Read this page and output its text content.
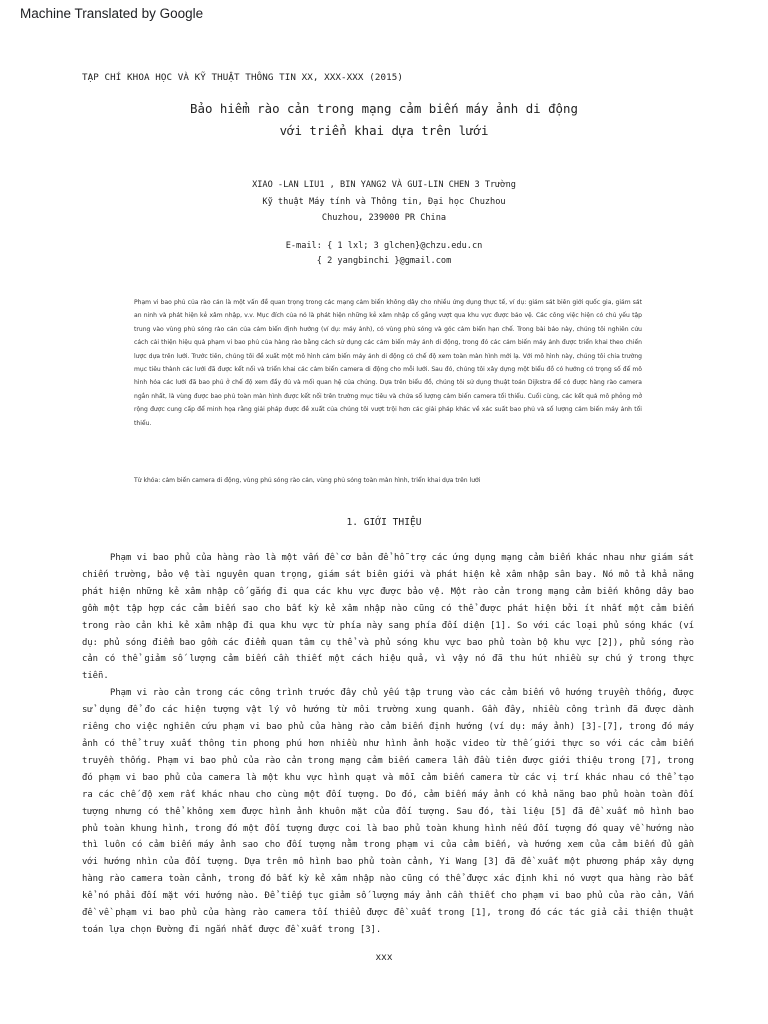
Machine Translated by Google
TẠP CHÍ KHOA HỌC VÀ KỸ THUẬT THÔNG TIN XX, XXX-XXX (2015)
Bảo hiểm rào cản trong mạng cảm biến máy ảnh di động
với triển khai dựa trên lưới
XIAO -LAN LIU1 , BIN YANG2 VÀ GUI-LIN CHEN 3 Trường
Kỹ thuật Máy tính và Thông tin, Đại học Chuzhou
Chuzhou, 239000 PR China
E-mail: { 1 lxl; 3 glchen}@chzu.edu.cn
{ 2 yangbinchi }@gmail.com
Phạm vi bao phủ của rào cản là một vấn đề quan trọng trong các mạng cảm biến không dây cho nhiều ứng dụng thực tế, ví dụ: giám sát biên giới quốc gia, giám sát an ninh và phát hiện kẻ xâm nhập, v.v. Mục đích của nó là phát hiện những kẻ xâm nhập cố gắng vượt qua khu vực được bảo vệ. Các công việc hiện có chủ yếu tập trung vào vùng phủ sóng rào cản của cảm biến định hướng (ví dụ: máy ảnh), có vùng phủ sóng và góc cảm biến hạn chế. Trong bài báo này, chúng tôi nghiên cứu cách cải thiện hiệu quả phạm vi bao phủ của hàng rào bằng cách sử dụng các cảm biến máy ảnh di động, trong đó các cảm biến máy ảnh được triển khai theo chiến lược dựa trên lưới. Trước tiên, chúng tôi đề xuất một mô hình cảm biến máy ảnh di động có chế độ xem toàn màn hình mới lạ. Với mô hình này, chúng tôi chia trường mục tiêu thành các lưới đã được kết nối và triển khai các cảm biến camera di động cho mỗi lưới. Sau đó, chúng tôi xây dựng một biểu đồ có hướng có trọng số để mô hình hóa các lưới đã bao phủ ở chế độ xem đầy đủ và mối quan hệ của chúng. Dựa trên biểu đồ, chúng tôi sử dụng thuật toán Dijkstra để có được hàng rào camera ngắn nhất, là vùng được bao phủ toàn màn hình được kết nối trên trường mục tiêu và chứa số lượng cảm biến camera tối thiểu. Cuối cùng, các kết quả mô phỏng mở rộng được cung cấp để minh họa rằng giải pháp được đề xuất của chúng tôi vượt trội hơn các giải pháp khác về xác suất bao phủ và số lượng cảm biến máy ảnh tối thiểu.
Từ khóa: cảm biến camera di động, vùng phủ sóng rào cản, vùng phủ sóng toàn màn hình, triển khai dựa trên lưới
1. GIỚI THIỆU

Phạm vi bao phủ của hàng rào là một vấn đề cơ bản để hỗ trợ các ứng dụng mạng cảm biến khác nhau như giám sát chiến trường, bảo vệ tài nguyên quan trọng, giám sát biên giới và phát hiện kẻ xâm nhập sân bay. Nó mô tả khả năng phát hiện những kẻ xâm nhập cố gắng đi qua các khu vực được bảo vệ. Một rào cản trong mạng cảm biến không dây bao gồm một tập hợp các cảm biến sao cho bất kỳ kẻ xâm nhập nào cũng có thể được phát hiện bởi ít nhất một cảm biến trong rào cản khi kẻ xâm nhập đi qua khu vực từ phía này sang phía đối diện [1]. So với các loại phủ sóng khác (ví dụ: phủ sóng điểm bao gồm các điểm quan tâm cụ thể và phủ sóng khu vực bao phủ toàn bộ khu vực [2]), phủ sóng rào cản có thể giảm số lượng cảm biến cần thiết một cách hiệu quả, vì vậy nó đã thu hút nhiều sự chú ý trong thực tiễn.

Phạm vi rào cản trong các công trình trước đây chủ yếu tập trung vào các cảm biến vô hướng truyền thống, được sử dụng để đo các hiện tượng vật lý vô hướng từ môi trường xung quanh. Gần đây, nhiều công trình đã được dành riêng cho việc nghiên cứu phạm vi bao phủ của hàng rào cảm biến định hướng (ví dụ: máy ảnh) [3]-[7], trong đó máy ảnh có thể truy xuất thông tin phong phú hơn nhiều như hình ảnh hoặc video từ thế giới thực so với các cảm biến truyền thống. Phạm vi bao phủ của rào cản trong mạng cảm biến camera lần đầu tiên được giới thiệu trong [7], trong đó phạm vi bao phủ của camera là một khu vực hình quạt và mỗi cảm biến camera từ các vị trí khác nhau có thể tạo ra các chế độ xem rất khác nhau cho cùng một đối tượng. Do đó, cảm biến máy ảnh có khả năng bao phủ hoàn toàn đối tượng nhưng có thể không xem được hình ảnh khuôn mặt của đối tượng. Sau đó, tài liệu [5] đã đề xuất mô hình bao phủ toàn khung hình, trong đó một đối tượng được coi là bao phủ toàn khung hình nếu đối tượng đó quay về hướng nào thì luôn có cảm biến máy ảnh sao cho đối tượng nằm trong phạm vi của cảm biến, và hướng xem của cảm biến đủ gần với hướng nhìn của đối tượng. Dựa trên mô hình bao phủ toàn cảnh, Yi Wang [3] đã đề xuất một phương pháp xây dựng hàng rào camera toàn cảnh, trong đó bất kỳ kẻ xâm nhập nào cũng có thể được xác định khi nó vượt qua hàng rào bất kể nó phải đối mặt với hướng nào. Để tiếp tục giảm số lượng máy ảnh cần thiết cho phạm vi bao phủ của rào cản, Vấn đề về phạm vi bao phủ của hàng rào camera tối thiểu được đề xuất trong [1], trong đó các tác giả cải thiện thuật toán lựa chọn Đường đi ngắn nhất được đề xuất trong [3].

xxx
